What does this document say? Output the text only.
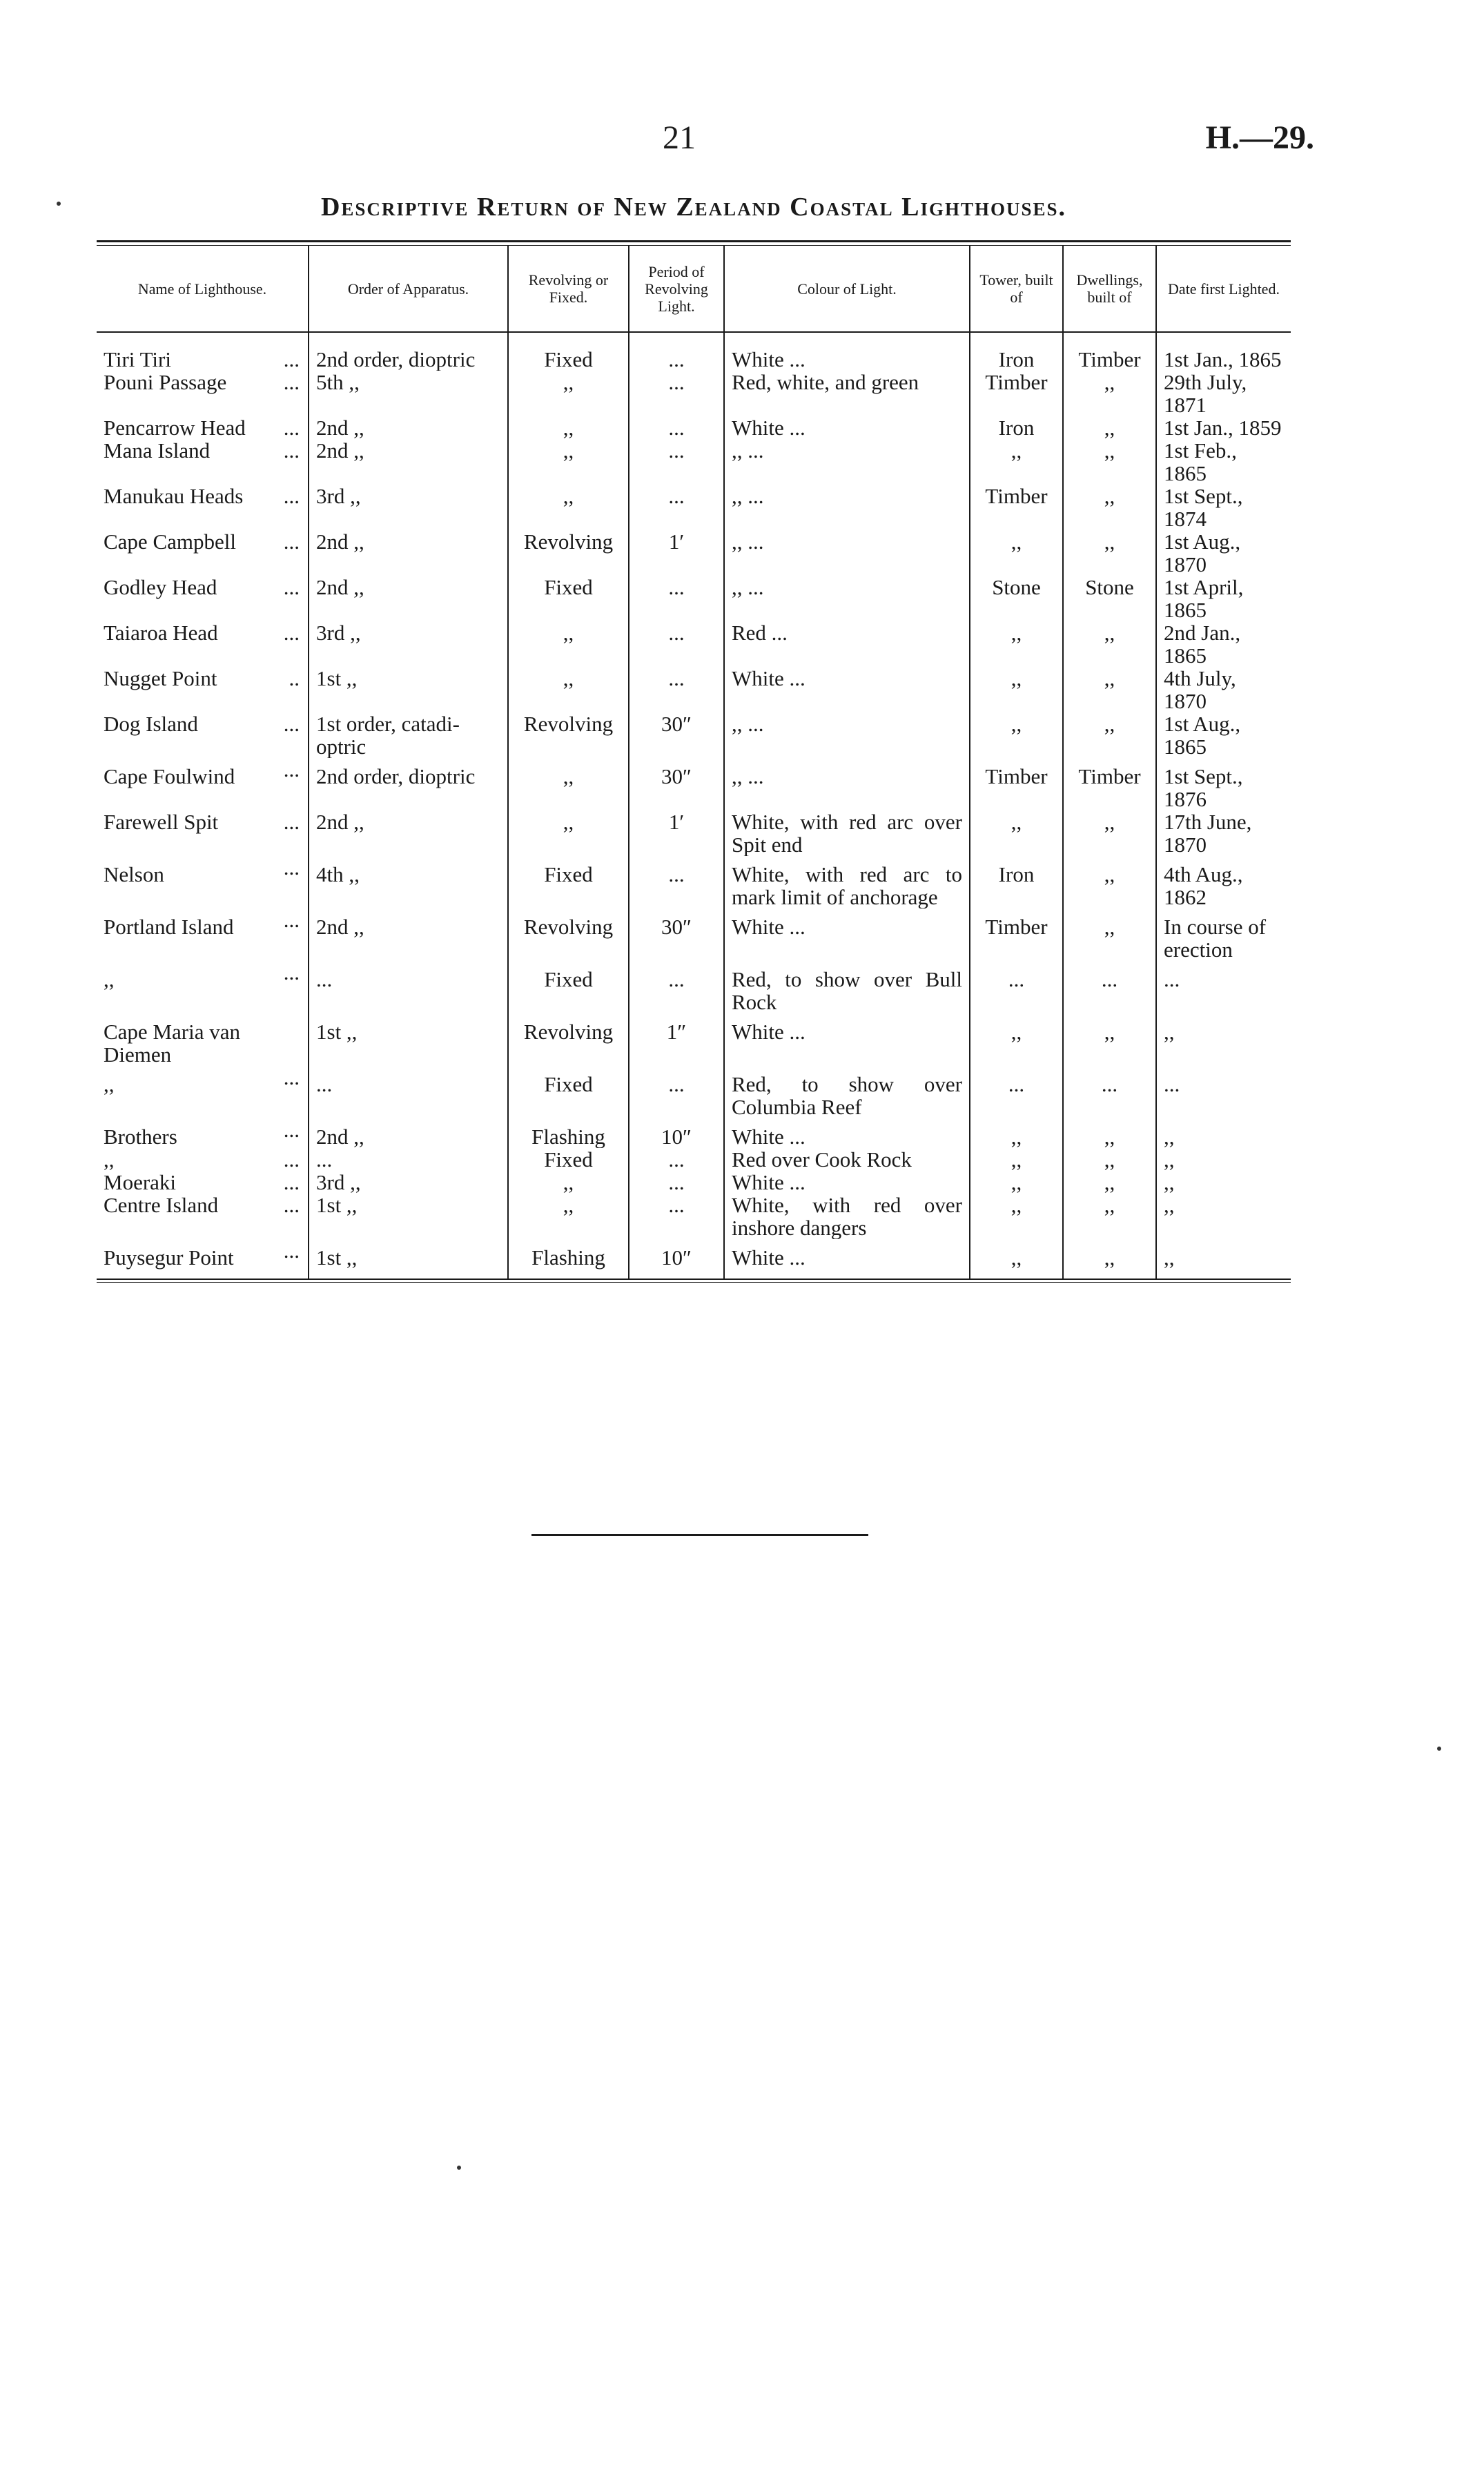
21	H.—29.
Descriptive Return of New Zealand Coastal Lighthouses.
Name of Lighthouse.	Order of Apparatus.	Revolving or Fixed.	Period of Revolving Light.	Colour of Light.	Tower, built of	Dwellings, built of	Date first Lighted.

Tiri Tiri ...	2nd order, dioptric	Fixed	...	White ...	Iron	Timber	1st Jan., 1865
Pouni Passage ...	5th ,,	,,	...	Red, white, and green	Timber	,,	29th July, 1871
Pencarrow Head ...	2nd ,,	,,	...	White ...	Iron	,,	1st Jan., 1859
Mana Island ...	2nd ,,	,,	...	,, ...	,,	,,	1st Feb., 1865
Manukau Heads ...	3rd ,,	,,	...	,, ...	Timber	,,	1st Sept., 1874
Cape Campbell ...	2nd ,,	Revolving	1′	,, ...	,,	,,	1st Aug., 1870
Godley Head ...	2nd ,,	Fixed	...	,, ...	Stone	Stone	1st April, 1865
Taiaroa Head ...	3rd ,,	,,	...	Red ...	,,	,,	2nd Jan., 1865
Nugget Point ..	1st ,,	,,	...	White ...	,,	,,	4th July, 1870
Dog Island ...	1st order, catadi-optric	Revolving	30″	,, ...	,,	,,	1st Aug., 1865
Cape Foulwind ...	2nd order, dioptric	,,	30″	,, ...	Timber	Timber	1st Sept., 1876
Farewell Spit ...	2nd ,,	,,	1′	White, with red arc over Spit end	,,	,,	17th June, 1870
Nelson ...	4th ,,	Fixed	...	White, with red arc to mark limit of anchorage	Iron	,,	4th Aug., 1862
Portland Island ...	2nd ,,	Revolving	30″	White ...	Timber	,,	In course of erection
,, ...	...	Fixed	...	Red, to show over Bull Rock	...	...	...
Cape Maria van Diemen	1st ,,	Revolving	1″	White ...	,,	,,	,,
,, ...	...	Fixed	...	Red, to show over Columbia Reef	...	...	...
Brothers ...	2nd ,,	Flashing	10″	White ...	,,	,,	,,
,, ...	...	Fixed	...	Red over Cook Rock	,,	,,	,,
Moeraki ...	3rd ,,	,,	...	White ...	,,	,,	,,
Centre Island ...	1st ,,	,,	...	White, with red over inshore dangers	,,	,,	,,
Puysegur Point ...	1st ,,	Flashing	10″	White ...	,,	,,	,,
